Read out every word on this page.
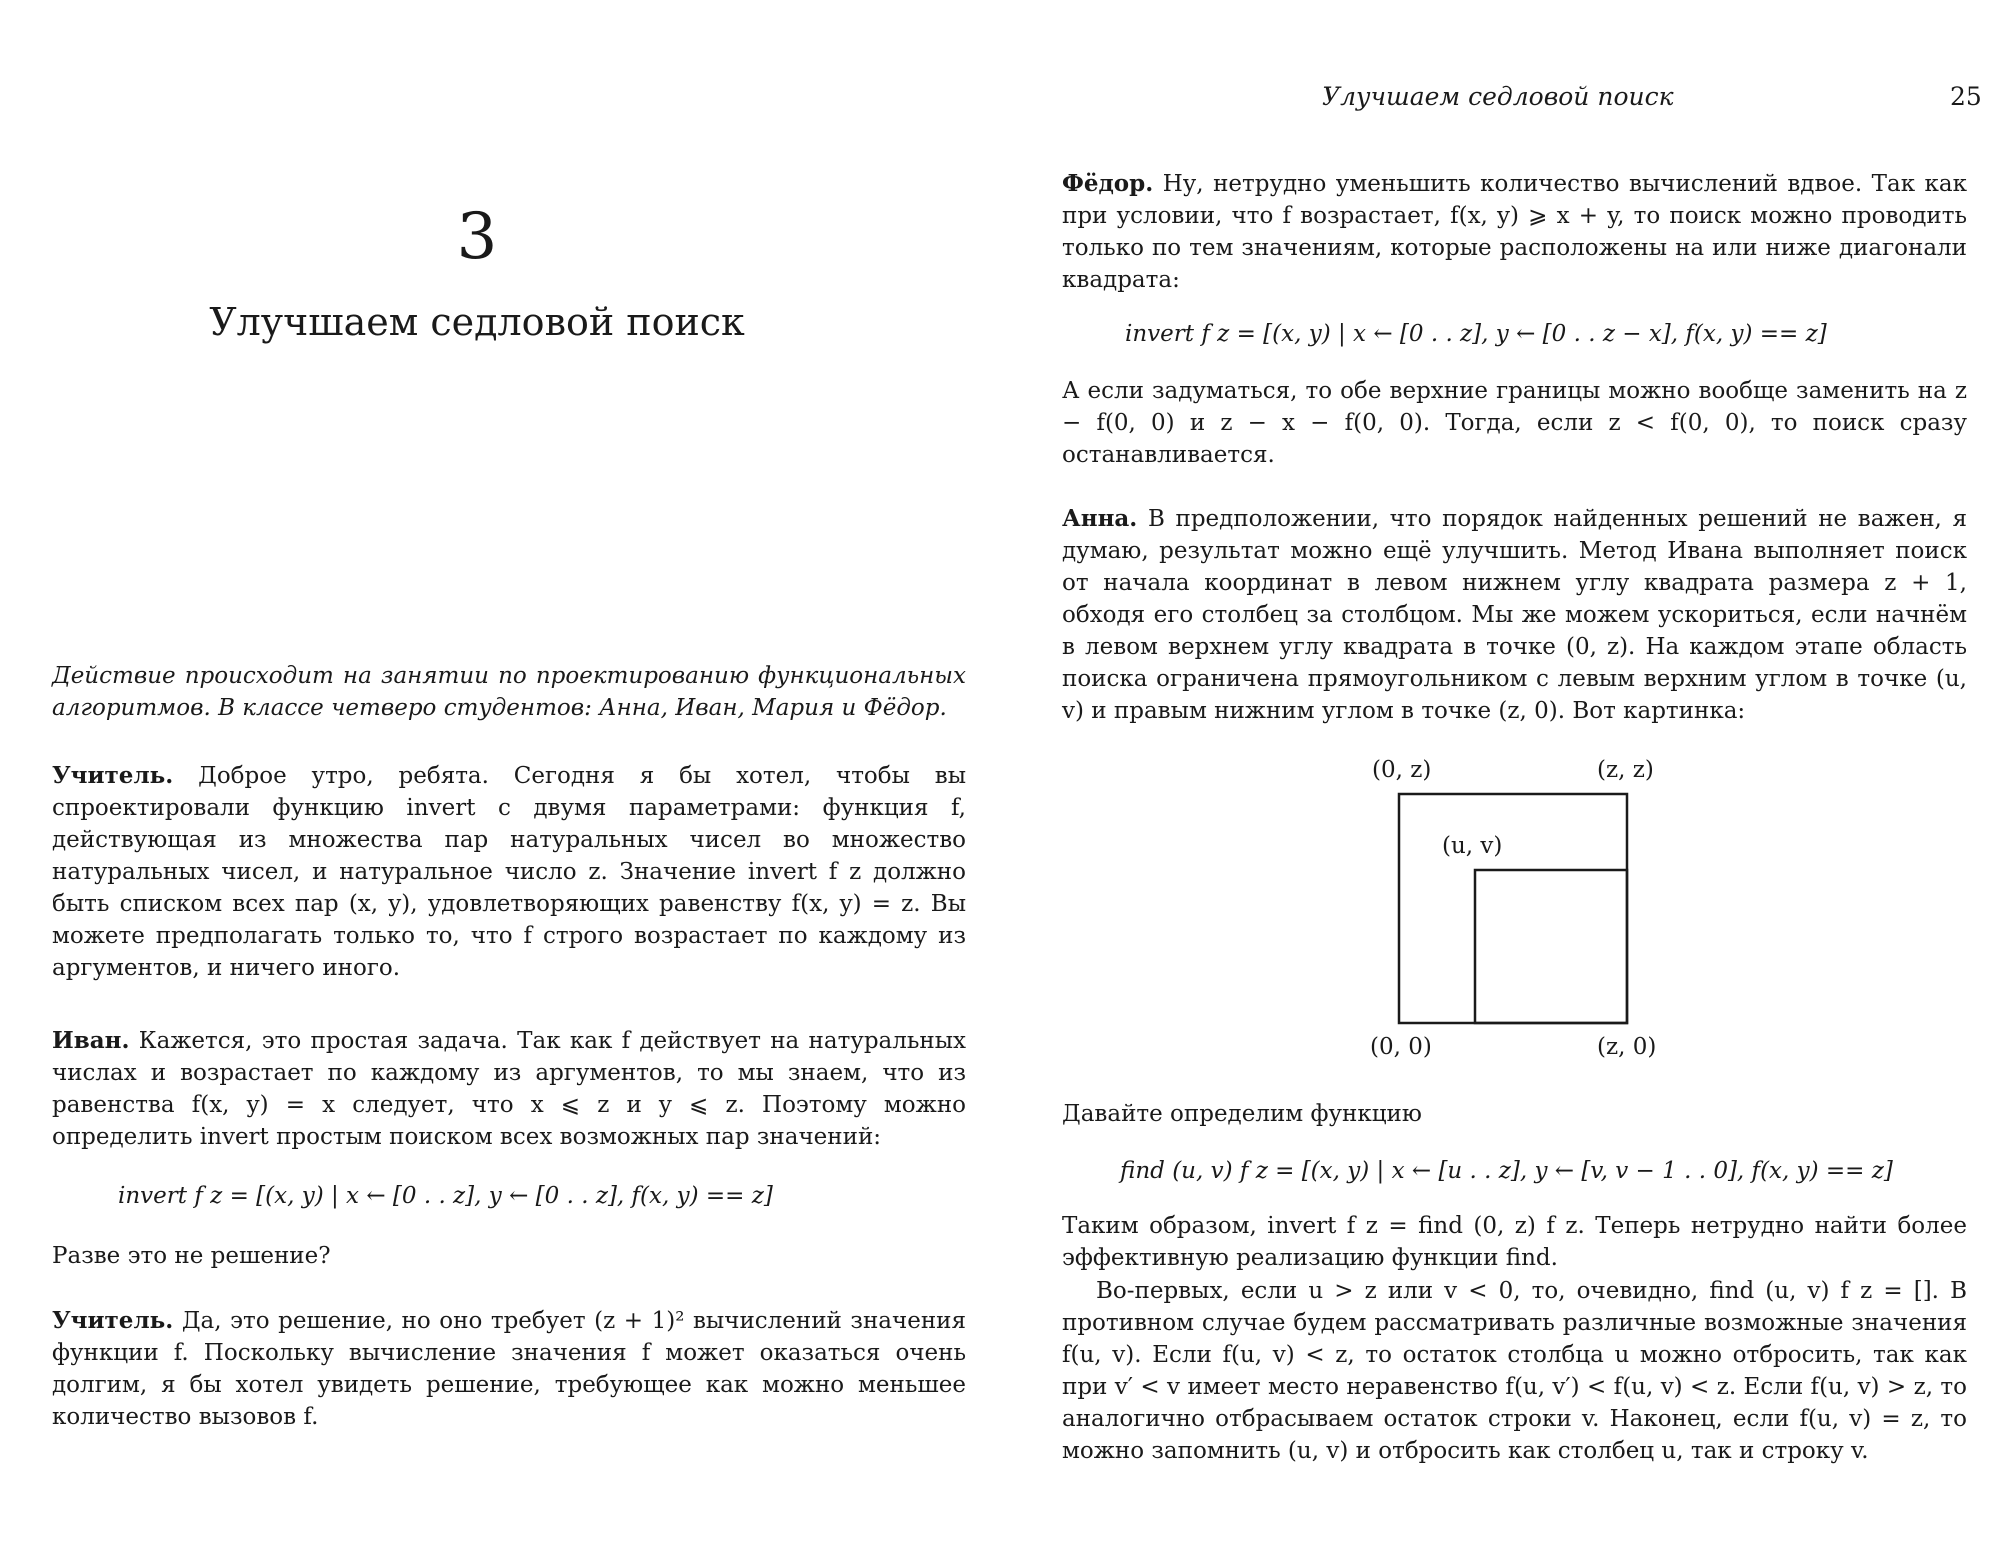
3
Улучшаем седловой поиск

Действие происходит на занятии по проектированию функциональных алгоритмов. В классе четверо студентов: Анна, Иван, Мария и Фёдор.

Учитель. Доброе утро, ребята. Сегодня я бы хотел, чтобы вы спроектировали функцию invert с двумя параметрами: функция f, действующая из множества пар натуральных чисел во множество натуральных чисел, и натуральное число z. Значение invert f z должно быть списком всех пар (x, y), удовлетворяющих равенству f(x, y) = z. Вы можете предполагать только то, что f строго возрастает по каждому из аргументов, и ничего иного.

Иван. Кажется, это простая задача. Так как f действует на натуральных числах и возрастает по каждому из аргументов, то мы знаем, что из равенства f(x, y) = x следует, что x ⩽ z и y ⩽ z. Поэтому можно определить invert простым поиском всех возможных пар значений:

invert f z = [(x, y) | x ← [0 . . z], y ← [0 . . z], f(x, y) == z]

Разве это не решение?

Учитель. Да, это решение, но оно требует (z + 1)² вычислений значения функции f. Поскольку вычисление значения f может оказаться очень долгим, я бы хотел увидеть решение, требующее как можно меньшее количество вызовов f.

Улучшаем седловой поиск	25

Фёдор. Ну, нетрудно уменьшить количество вычислений вдвое. Так как при условии, что f возрастает, f(x, y) ⩾ x + y, то поиск можно проводить только по тем значениям, которые расположены на или ниже диагонали квадрата:

invert f z = [(x, y) | x ← [0 . . z], y ← [0 . . z − x], f(x, y) == z]

А если задуматься, то обе верхние границы можно вообще заменить на z − f(0, 0) и z − x − f(0, 0). Тогда, если z < f(0, 0), то поиск сразу останавливается.

Анна. В предположении, что порядок найденных решений не важен, я думаю, результат можно ещё улучшить. Метод Ивана выполняет поиск от начала координат в левом нижнем углу квадрата размера z + 1, обходя его столбец за столбцом. Мы же можем ускориться, если начнём в левом верхнем углу квадрата в точке (0, z). На каждом этапе область поиска ограничена прямоугольником с левым верхним углом в точке (u, v) и правым нижним углом в точке (z, 0). Вот картинка:

(0, z)	(z, z)
(u, v)
(0, 0)	(z, 0)

Давайте определим функцию

find (u, v) f z = [(x, y) | x ← [u . . z], y ← [v, v − 1 . . 0], f(x, y) == z]

Таким образом, invert f z = find (0, z) f z. Теперь нетрудно найти более эффективную реализацию функции find.

Во-первых, если u > z или v < 0, то, очевидно, find (u, v) f z = []. В противном случае будем рассматривать различные возможные значения f(u, v). Если f(u, v) < z, то остаток столбца u можно отбросить, так как при v′ < v имеет место неравенство f(u, v′) < f(u, v) < z. Если f(u, v) > z, то аналогично отбрасываем остаток строки v. Наконец, если f(u, v) = z, то можно запомнить (u, v) и отбросить как столбец u, так и строку v.
